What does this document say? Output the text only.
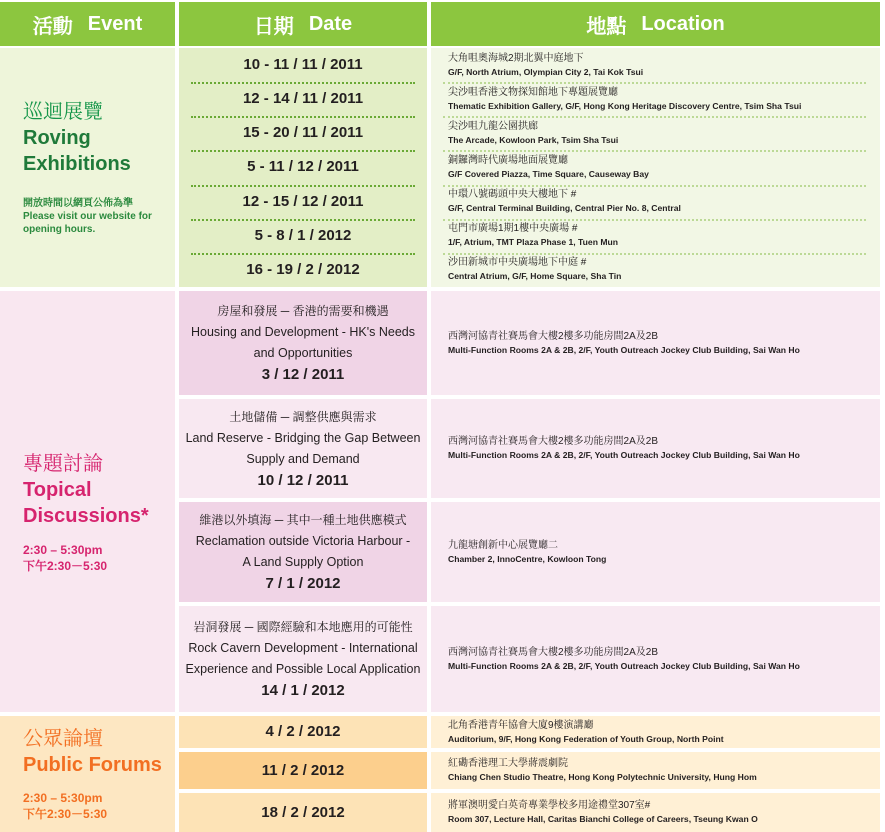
活動 Event	日期 Date	地點 Location
巡迴展覽
Roving Exhibitions
開放時間以網頁公佈為準
Please visit our website for opening hours.
10 - 11 / 11 / 2011	大角咀奧海城2期北翼中庭地下
G/F, North Atrium, Olympian City 2, Tai Kok Tsui
12 - 14 / 11 / 2011	尖沙咀香港文物探知館地下專題展覽廳
Thematic Exhibition Gallery, G/F, Hong Kong Heritage Discovery Centre, Tsim Sha Tsui
15 - 20 / 11 / 2011	尖沙咀九龍公園拱廊
The Arcade, Kowloon Park, Tsim Sha Tsui
5 - 11 / 12 / 2011	銅鑼灣時代廣場地面展覽廳
G/F Covered Piazza, Time Square, Causeway Bay
12 - 15 / 12 / 2011	中環八號碼頭中央大樓地下 #
G/F, Central Terminal Building, Central Pier No. 8, Central
5 - 8 / 1 / 2012	屯門市廣場1期1樓中央廣場 #
1/F, Atrium, TMT Plaza Phase 1, Tuen Mun
16 - 19 / 2 / 2012	沙田新城市中央廣場地下中庭 #
Central Atrium, G/F, Home Square, Sha Tin
專題討論
Topical Discussions*
2:30 – 5:30pm
下午2:30－5:30
房屋和發展 ─ 香港的需要和機遇
Housing and Development - HK's Needs
and Opportunities
3 / 12 / 2011
西灣河協青社賽馬會大樓2樓多功能房間2A及2B
Multi-Function Rooms 2A & 2B, 2/F, Youth Outreach Jockey Club Building, Sai Wan Ho
土地儲備 ─ 調整供應與需求
Land Reserve - Bridging the Gap Between
Supply and Demand
10 / 12 / 2011
西灣河協青社賽馬會大樓2樓多功能房間2A及2B
Multi-Function Rooms 2A & 2B, 2/F, Youth Outreach Jockey Club Building, Sai Wan Ho
維港以外填海 ─ 其中一種土地供應模式
Reclamation outside Victoria Harbour -
A Land Supply Option
7 / 1 / 2012
九龍塘創新中心展覽廳二
Chamber 2, InnoCentre, Kowloon Tong
岩洞發展 ─ 國際經驗和本地應用的可能性
Rock Cavern Development - International
Experience and Possible Local Application
14 / 1 / 2012
西灣河協青社賽馬會大樓2樓多功能房間2A及2B
Multi-Function Rooms 2A & 2B, 2/F, Youth Outreach Jockey Club Building, Sai Wan Ho
公眾論壇
Public Forums
2:30 – 5:30pm
下午2:30－5:30
4 / 2 / 2012	北角香港青年協會大廈9樓演講廳
Auditorium, 9/F, Hong Kong Federation of Youth Group, North Point
11 / 2 / 2012	紅磡香港理工大學蔣震劇院
Chiang Chen Studio Theatre, Hong Kong Polytechnic University, Hung Hom
18 / 2 / 2012	將軍澳明愛白英奇專業學校多用途禮堂307室#
Room 307, Lecture Hall, Caritas Bianchi College of Careers, Tseung Kwan O
